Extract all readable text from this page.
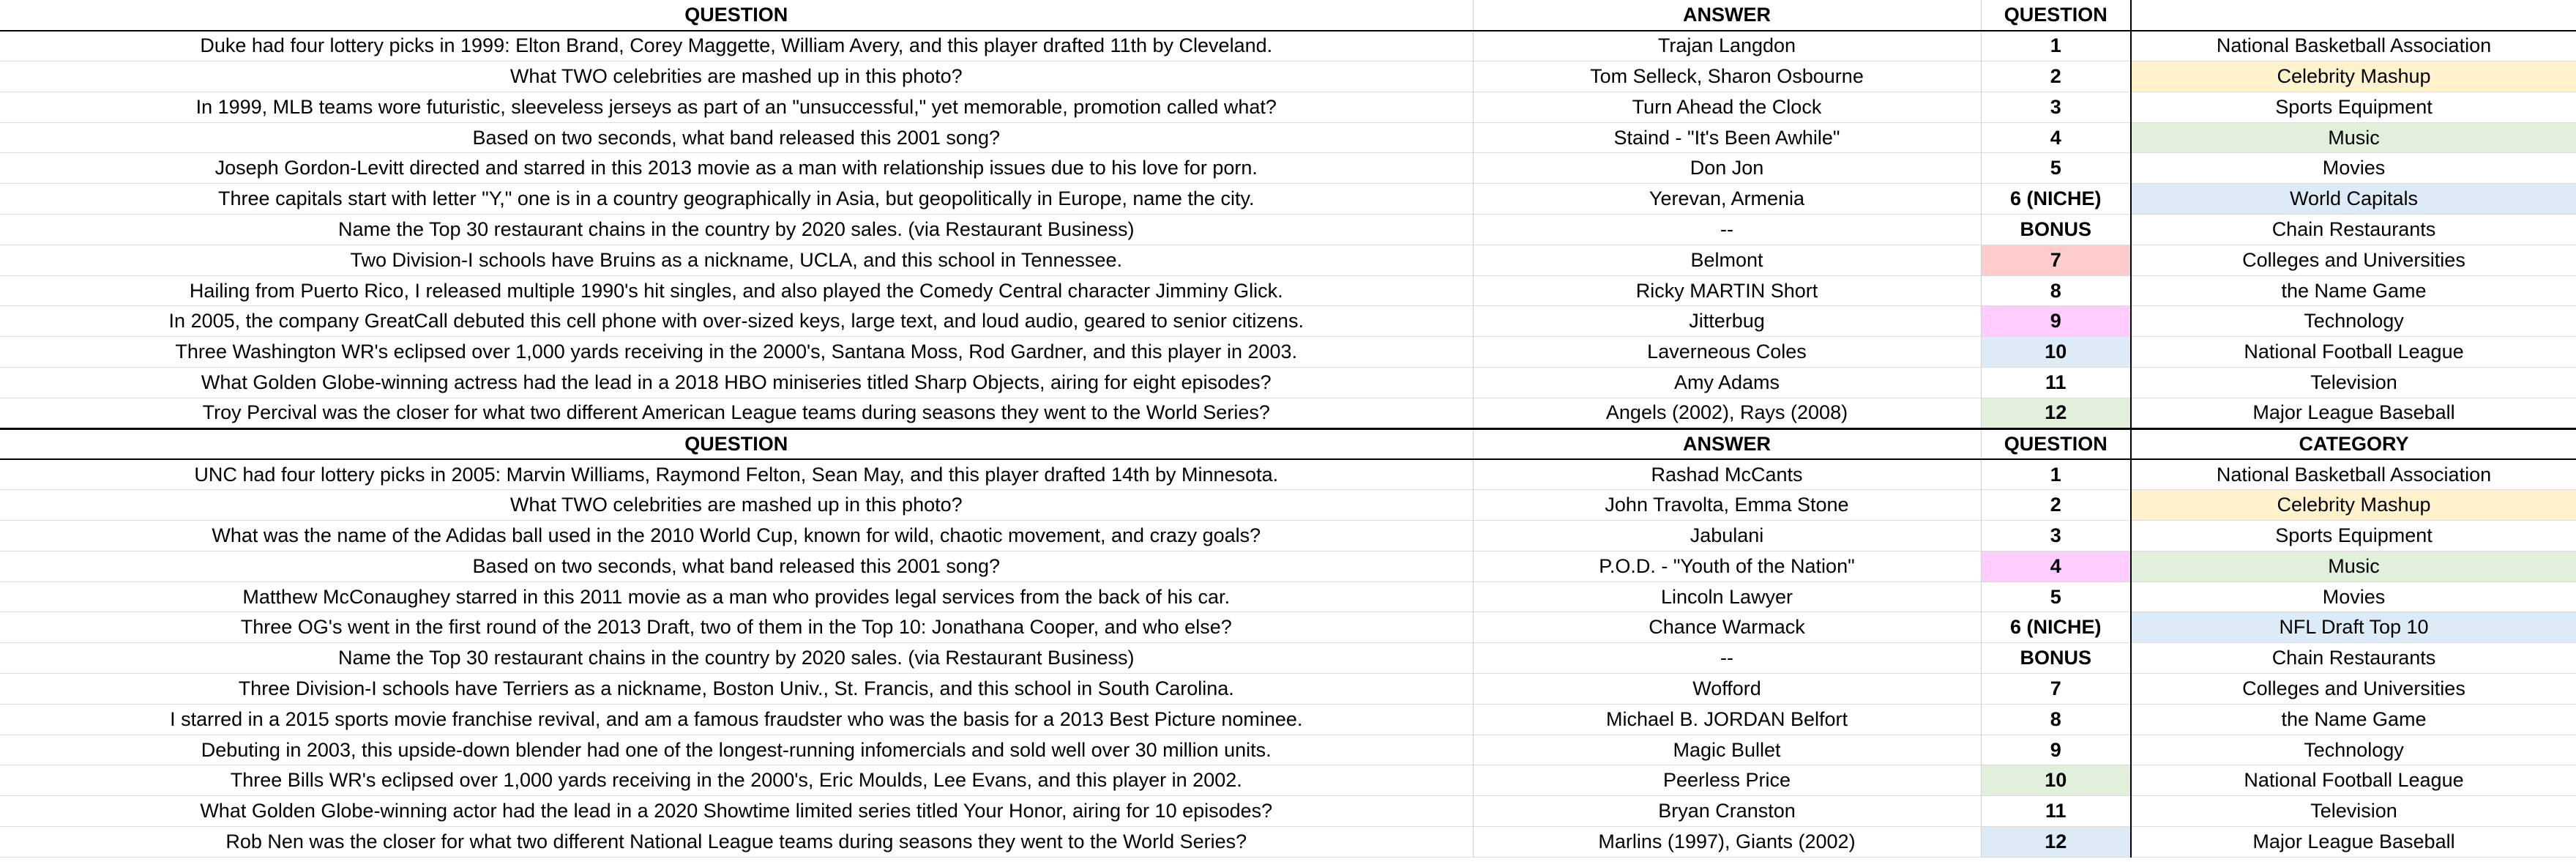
QUESTION	ANSWER	QUESTION	
Duke had four lottery picks in 1999: Elton Brand, Corey Maggette, William Avery, and this player drafted 11th by Cleveland.	Trajan Langdon	1	National Basketball Association
What TWO celebrities are mashed up in this photo?	Tom Selleck, Sharon Osbourne	2	Celebrity Mashup
In 1999, MLB teams wore futuristic, sleeveless jerseys as part of an "unsuccessful," yet memorable, promotion called what?	Turn Ahead the Clock	3	Sports Equipment
Based on two seconds, what band released this 2001 song?	Staind - "It's Been Awhile"	4	Music
Joseph Gordon-Levitt directed and starred in this 2013 movie as a man with relationship issues due to his love for porn.	Don Jon	5	Movies
Three capitals start with letter "Y," one is in a country geographically in Asia, but geopolitically in Europe, name the city.	Yerevan, Armenia	6 (NICHE)	World Capitals
Name the Top 30 restaurant chains in the country by 2020 sales. (via Restaurant Business)	--	BONUS	Chain Restaurants
Two Division-I schools have Bruins as a nickname, UCLA, and this school in Tennessee.	Belmont	7	Colleges and Universities
Hailing from Puerto Rico, I released multiple 1990's hit singles, and also played the Comedy Central character Jimminy Glick.	Ricky MARTIN Short	8	the Name Game
In 2005, the company GreatCall debuted this cell phone with over-sized keys, large text, and loud audio, geared to senior citizens.	Jitterbug	9	Technology
Three Washington WR's eclipsed over 1,000 yards receiving in the 2000's, Santana Moss, Rod Gardner, and this player in 2003.	Laverneous Coles	10	National Football League
What Golden Globe-winning actress had the lead in a 2018 HBO miniseries titled Sharp Objects, airing for eight episodes?	Amy Adams	11	Television
Troy Percival was the closer for what two different American League teams during seasons they went to the World Series?	Angels (2002), Rays (2008)	12	Major League Baseball
QUESTION	ANSWER	QUESTION	CATEGORY
UNC had four lottery picks in 2005: Marvin Williams, Raymond Felton, Sean May, and this player drafted 14th by Minnesota.	Rashad McCants	1	National Basketball Association
What TWO celebrities are mashed up in this photo?	John Travolta, Emma Stone	2	Celebrity Mashup
What was the name of the Adidas ball used in the 2010 World Cup, known for wild, chaotic movement, and crazy goals?	Jabulani	3	Sports Equipment
Based on two seconds, what band released this 2001 song?	P.O.D. - "Youth of the Nation"	4	Music
Matthew McConaughey starred in this 2011 movie as a man who provides legal services from the back of his car.	Lincoln Lawyer	5	Movies
Three OG's went in the first round of the 2013 Draft, two of them in the Top 10: Jonathana Cooper, and who else?	Chance Warmack	6 (NICHE)	NFL Draft Top 10
Name the Top 30 restaurant chains in the country by 2020 sales. (via Restaurant Business)	--	BONUS	Chain Restaurants
Three Division-I schools have Terriers as a nickname, Boston Univ., St. Francis, and this school in South Carolina.	Wofford	7	Colleges and Universities
I starred in a 2015 sports movie franchise revival, and am a famous fraudster who was the basis for a 2013 Best Picture nominee.	Michael B. JORDAN Belfort	8	the Name Game
Debuting in 2003, this upside-down blender had one of the longest-running infomercials and sold well over 30 million units.	Magic Bullet	9	Technology
Three Bills WR's eclipsed over 1,000 yards receiving in the 2000's, Eric Moulds, Lee Evans, and this player in 2002.	Peerless Price	10	National Football League
What Golden Globe-winning actor had the lead in a 2020 Showtime limited series titled Your Honor, airing for 10 episodes?	Bryan Cranston	11	Television
Rob Nen was the closer for what two different National League teams during seasons they went to the World Series?	Marlins (1997), Giants (2002)	12	Major League Baseball
